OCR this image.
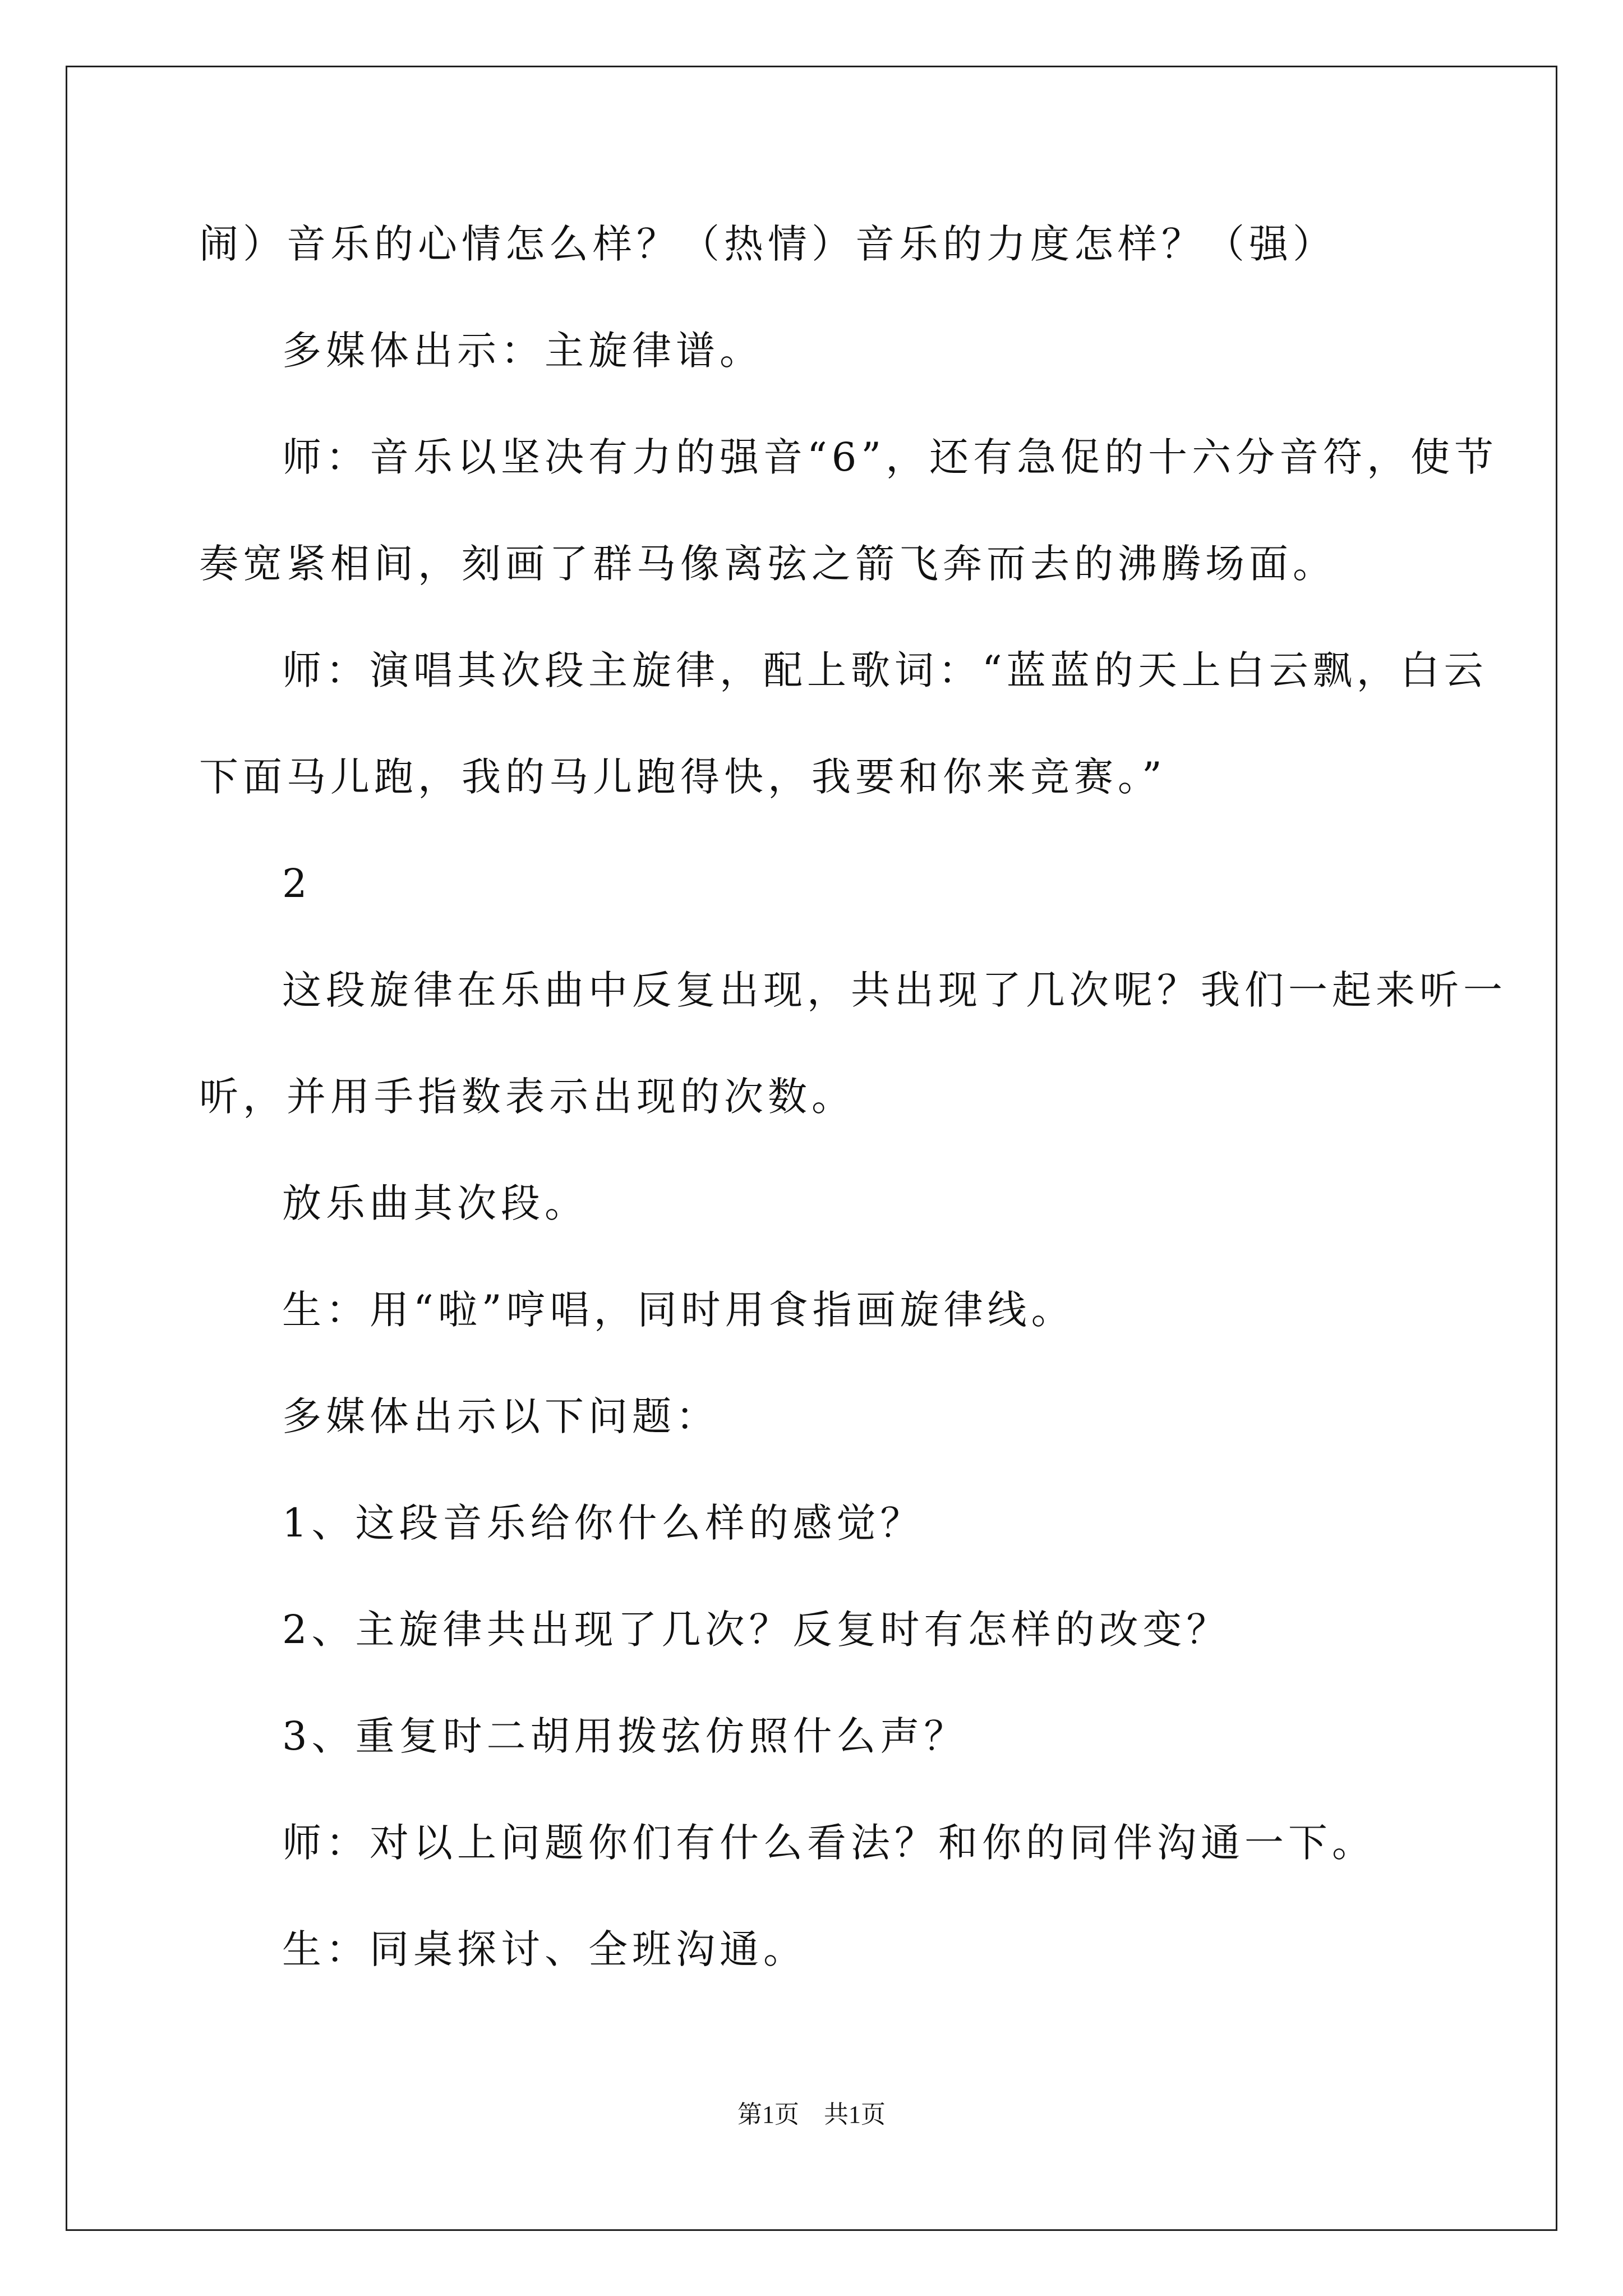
闹）音乐的心情怎么样？（热情）音乐的力度怎样？（强）
多媒体出示：主旋律谱。
师：音乐以坚决有力的强音“6”，还有急促的十六分音符，使节
奏宽紧相间，刻画了群马像离弦之箭飞奔而去的沸腾场面。
师：演唱其次段主旋律，配上歌词：“蓝蓝的天上白云飘，白云
下面马儿跑，我的马儿跑得快，我要和你来竞赛。”
2
这段旋律在乐曲中反复出现，共出现了几次呢？我们一起来听一
听，并用手指数表示出现的次数。
放乐曲其次段。
生：用“啦”哼唱，同时用食指画旋律线。
多媒体出示以下问题：
1、这段音乐给你什么样的感觉？
2、主旋律共出现了几次？反复时有怎样的改变？
3、重复时二胡用拨弦仿照什么声？
师：对以上问题你们有什么看法？和你的同伴沟通一下。
生：同桌探讨、全班沟通。
第1页　共1页
